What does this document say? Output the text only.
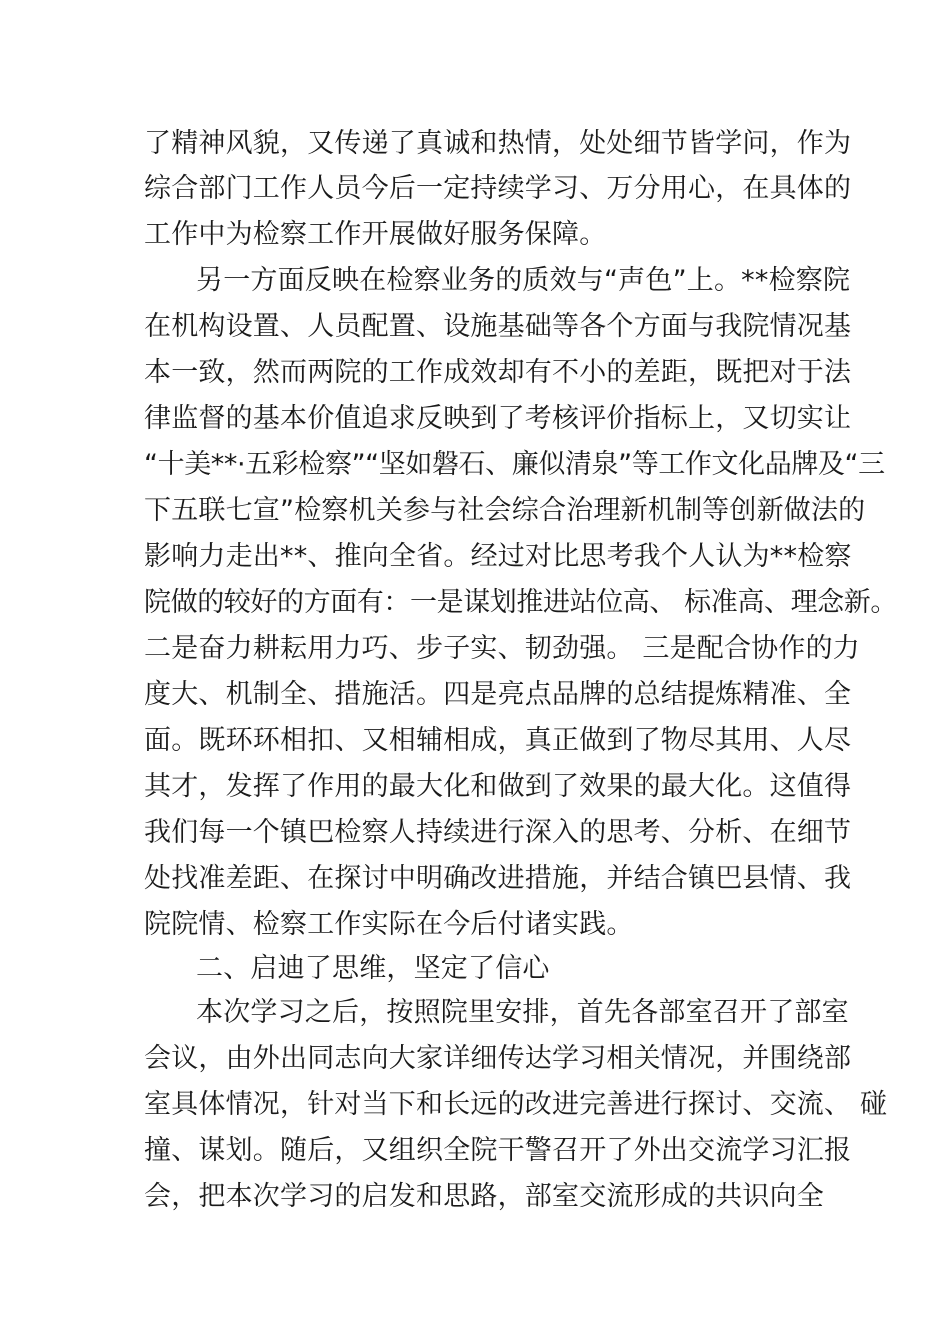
了精神风貌，又传递了真诚和热情，处处细节皆学问，作为
综合部门工作人员今后一定持续学习、万分用心，在具体的
工作中为检察工作开展做好服务保障。
另一方面反映在检察业务的质效与“声色”上。**检察院
在机构设置、人员配置、设施基础等各个方面与我院情况基
本一致，然而两院的工作成效却有不小的差距，既把对于法
律监督的基本价值追求反映到了考核评价指标上，又切实让
“十美**·五彩检察”“坚如磐石、廉似清泉”等工作文化品牌及“三
下五联七宣”检察机关参与社会综合治理新机制等创新做法的
影响力走出**、推向全省。经过对比思考我个人认为**检察
院做的较好的方面有：一是谋划推进站位高、 标准高、理念新。
二是奋力耕耘用力巧、步子实、韧劲强。 三是配合协作的力
度大、机制全、措施活。四是亮点品牌的总结提炼精准、全
面。既环环相扣、又相辅相成，真正做到了物尽其用、人尽
其才，发挥了作用的最大化和做到了效果的最大化。这值得
我们每一个镇巴检察人持续进行深入的思考、分析、在细节
处找准差距、在探讨中明确改进措施，并结合镇巴县情、我
院院情、检察工作实际在今后付诸实践。
二、启迪了思维，坚定了信心
本次学习之后，按照院里安排，首先各部室召开了部室
会议，由外出同志向大家详细传达学习相关情况，并围绕部
室具体情况，针对当下和长远的改进完善进行探讨、交流、 碰
撞、谋划。随后，又组织全院干警召开了外出交流学习汇报
会，把本次学习的启发和思路，部室交流形成的共识向全
